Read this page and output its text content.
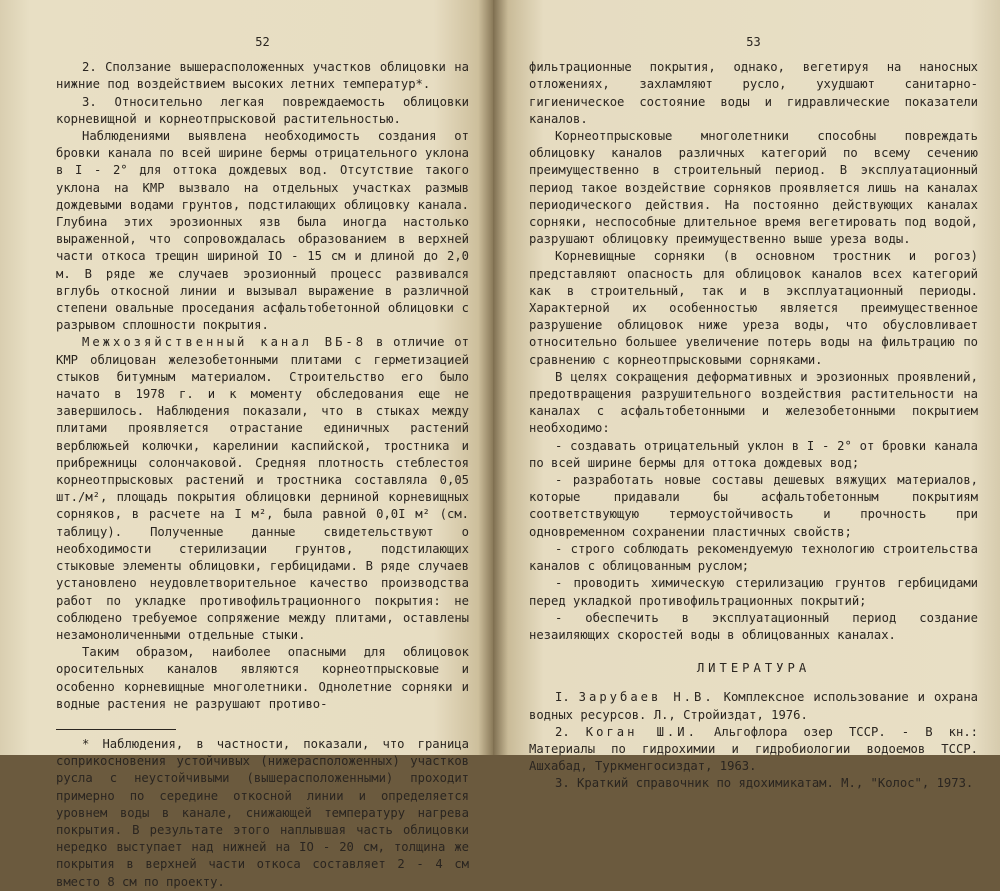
52

2. Сползание вышерасположенных участков облицовки на нижние под воздействием высоких летних температур*.

3. Относительно легкая повреждаемость облицовки корневищной и корнеотпрысковой растительностью.

Наблюдениями выявлена необходимость создания от бровки канала по всей ширине бермы отрицательного уклона в I - 2° для оттока дождевых вод. Отсутствие такого уклона на КМР вызвало на отдельных участках размыв дождевыми водами грунтов, подстилающих облицовку канала. Глубина этих эрозионных язв была иногда настолько выраженной, что сопровождалась образованием в верхней части откоса трещин шириной IO - 15 см и длиной до 2,0 м. В ряде же случаев эрозионный процесс развивался вглубь откосной линии и вызывал выражение в различной степени овальные проседания асфальтобетонной облицовки с разрывом сплошности покрытия.

Межхозяйственный канал ВБ-8 в отличие от КМР облицован железобетонными плитами с герметизацией стыков битумным материалом. Строительство его было начато в 1978 г. и к моменту обследования еще не завершилось. Наблюдения показали, что в стыках между плитами проявляется отрастание единичных растений верблюжьей колючки, карелинии каспийской, тростника и прибрежницы солончаковой. Средняя плотность стеблестоя корнеотпрысковых растений и тростника составляла 0,05 шт./м², площадь покрытия облицовки дерниной корневищных сорняков, в расчете на I м², была равной 0,0I м² (см. таблицу). Полученные данные свидетельствуют о необходимости стерилизации грунтов, подстилающих стыковые элементы облицовки, гербицидами. В ряде случаев установлено неудовлетворительное качество производства работ по укладке противофильтрационного покрытия: не соблюдено требуемое сопряжение между плитами, оставлены незамоноличенными отдельные стыки.

Таким образом, наиболее опасными для облицовок оросительных каналов являются корнеотпрысковые и особенно корневищные многолетники. Однолетние сорняки и водные растения не разрушают противо-

* Наблюдения, в частности, показали, что граница соприкосновения устойчивых (нижерасположенных) участков русла с неустойчивыми (вышерасположенными) проходит примерно по середине откосной линии и определяется уровнем воды в канале, снижающей температуру нагрева покрытия. В результате этого наплывшая часть облицовки нередко выступает над нижней на IO - 20 см, толщина же покрытия в верхней части откоса составляет 2 - 4 см вместо 8 см по проекту.

53

фильтрационные покрытия, однако, вегетируя на наносных отложениях, захламляют русло, ухудшают санитарно-гигиеническое состояние воды и гидравлические показатели каналов.

Корнеотпрысковые многолетники способны повреждать облицовку каналов различных категорий по всему сечению преимущественно в строительный период. В эксплуатационный период такое воздействие сорняков проявляется лишь на каналах периодического действия. На постоянно действующих каналах сорняки, неспособные длительное время вегетировать под водой, разрушают облицовку преимущественно выше уреза воды.

Корневищные сорняки (в основном тростник и рогоз) представляют опасность для облицовок каналов всех категорий как в строительный, так и в эксплуатационный периоды. Характерной их особенностью является преимущественное разрушение облицовок ниже уреза воды, что обусловливает относительно большее увеличение потерь воды на фильтрацию по сравнению с корнеотпрысковыми сорняками.

В целях сокращения деформативных и эрозионных проявлений, предотвращения разрушительного воздействия растительности на каналах с асфальтобетонными и железобетонными покрытием необходимо:

- создавать отрицательный уклон в I - 2° от бровки канала по всей ширине бермы для оттока дождевых вод;

- разработать новые составы дешевых вяжущих материалов, которые придавали бы асфальтобетонным покрытиям соответствующую термоустойчивость и прочность при одновременном сохранении пластичных свойств;

- строго соблюдать рекомендуемую технологию строительства каналов с облицованным руслом;

- проводить химическую стерилизацию грунтов гербицидами перед укладкой противофильтрационных покрытий;

- обеспечить в эксплуатационный период создание незаиляющих скоростей воды в облицованных каналах.

ЛИТЕРАТУРА

I. Зарубаев Н.В. Комплексное использование и охрана водных ресурсов. Л., Стройиздат, 1976.

2. Коган Ш.И. Альгофлора озер ТССР. - В кн.: Материалы по гидрохимии и гидробиологии водоемов ТССР. Ашхабад, Туркменгосиздат, 1963.

3. Краткий справочник по ядохимикатам. М., "Колос", 1973.
